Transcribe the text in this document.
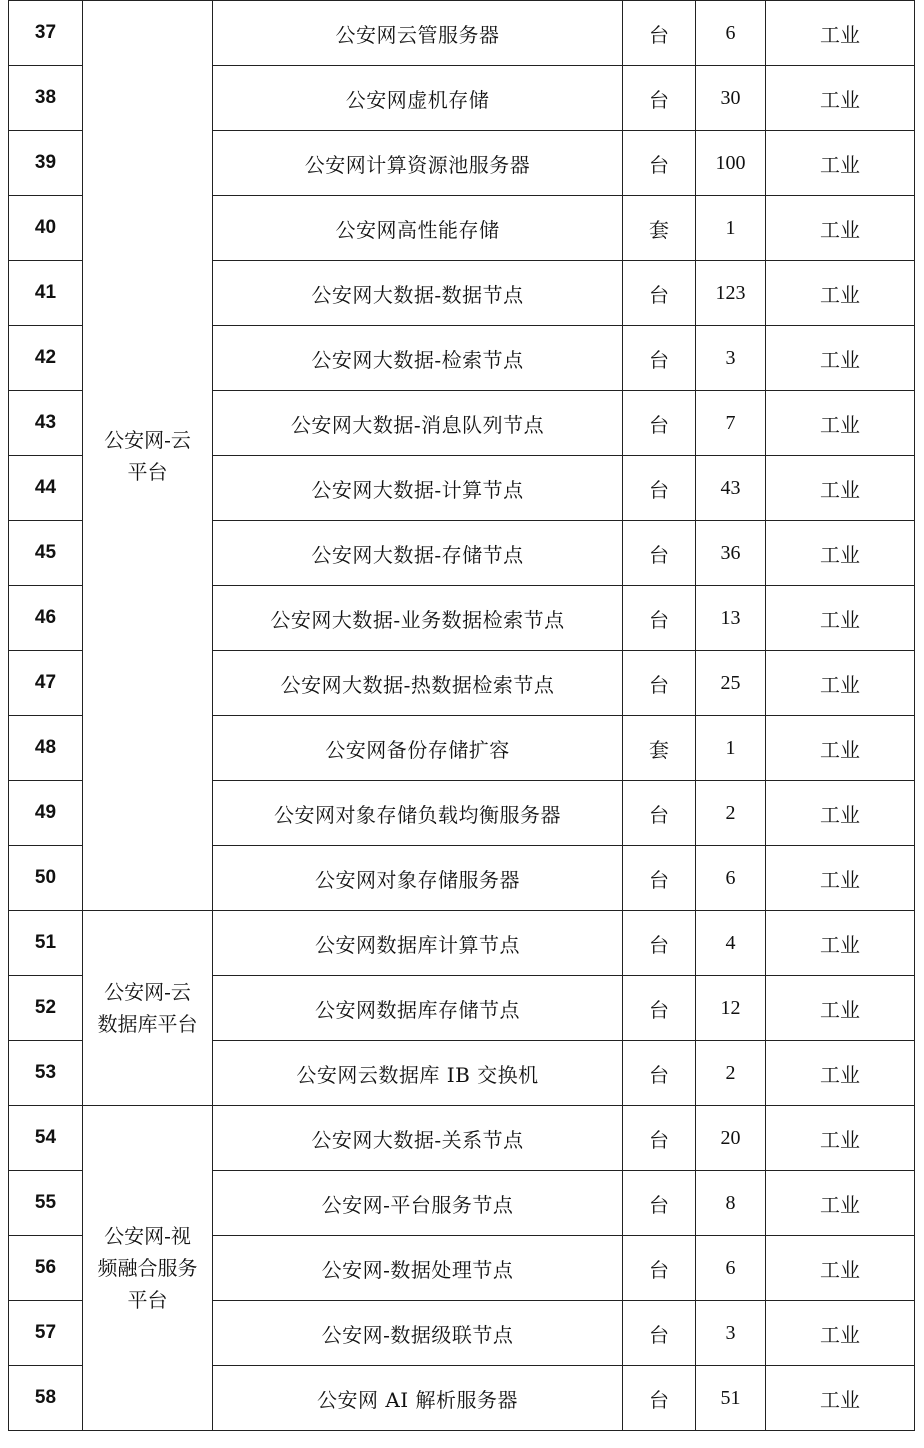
37	公安网-云平台	公安网云管服务器	台	6	工业
38		公安网虚机存储	台	30	工业
39		公安网计算资源池服务器	台	100	工业
40		公安网高性能存储	套	1	工业
41		公安网大数据-数据节点	台	123	工业
42		公安网大数据-检索节点	台	3	工业
43		公安网大数据-消息队列节点	台	7	工业
44		公安网大数据-计算节点	台	43	工业
45		公安网大数据-存储节点	台	36	工业
46		公安网大数据-业务数据检索节点	台	13	工业
47		公安网大数据-热数据检索节点	台	25	工业
48		公安网备份存储扩容	套	1	工业
49		公安网对象存储负载均衡服务器	台	2	工业
50		公安网对象存储服务器	台	6	工业
51	公安网-云数据库平台	公安网数据库计算节点	台	4	工业
52		公安网数据库存储节点	台	12	工业
53		公安网云数据库 IB 交换机	台	2	工业
54	公安网-视频融合服务平台	公安网大数据-关系节点	台	20	工业
55		公安网-平台服务节点	台	8	工业
56		公安网-数据处理节点	台	6	工业
57		公安网-数据级联节点	台	3	工业
58		公安网 AI 解析服务器	台	51	工业
